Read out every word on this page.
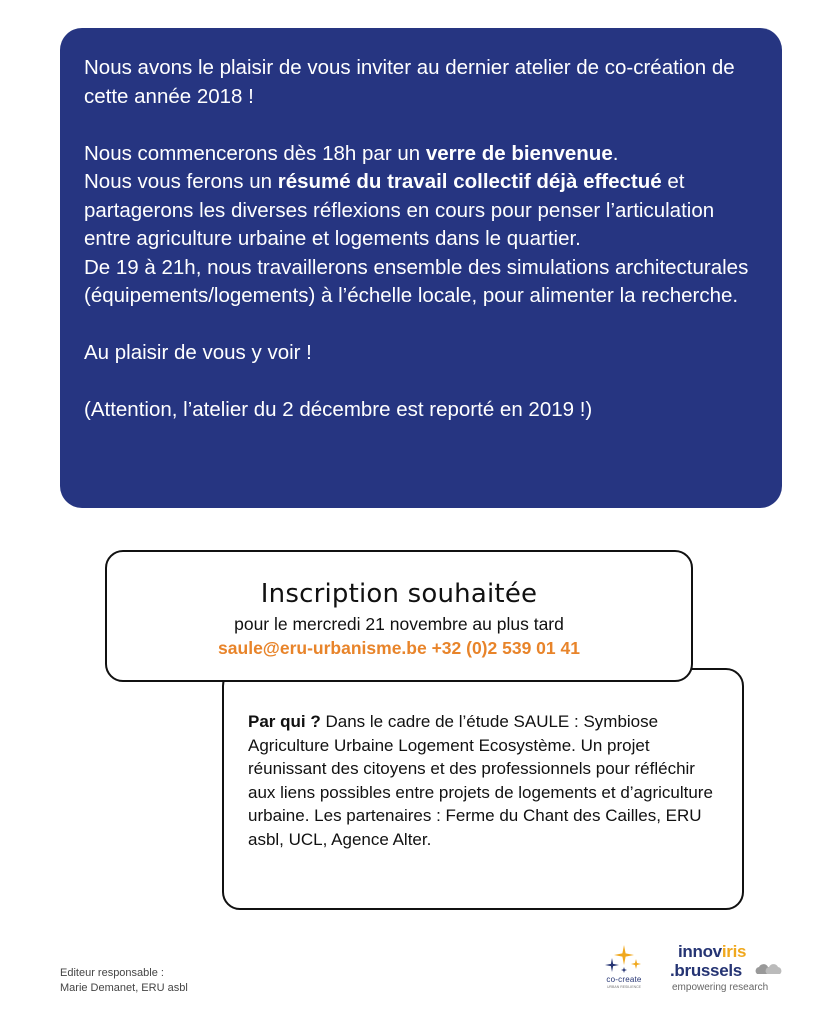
Nous avons le plaisir de vous inviter au dernier atelier de co-création de cette année 2018 !

Nous commencerons dès 18h par un verre de bienvenue.

Nous vous ferons un résumé du travail collectif déjà effectué et partagerons les diverses réflexions en cours pour penser l’articulation entre agriculture urbaine et logements dans le quartier.

De 19 à 21h, nous travaillerons ensemble des simulations architecturales (équipements/logements) à l’échelle locale, pour alimenter la recherche.

Au plaisir de vous y voir !

(Attention, l’atelier du 2 décembre est reporté en 2019 !)

Inscription souhaitée
pour le mercredi 21 novembre au plus tard
saule@eru-urbanisme.be +32 (0)2 539 01 41
Par qui ? Dans le cadre de l’étude SAULE : Symbiose Agriculture Urbaine Logement Ecosystème. Un projet réunissant des citoyens et des professionnels pour réfléchir aux liens possibles entre projets de logements et d’agriculture urbaine. Les partenaires : Ferme du Chant des Cailles, ERU asbl, UCL, Agence Alter.
Editeur responsable :
Marie Demanet, ERU asbl
co-create
URBAN RESILIENCE
innoviris
.brussels
empowering research
